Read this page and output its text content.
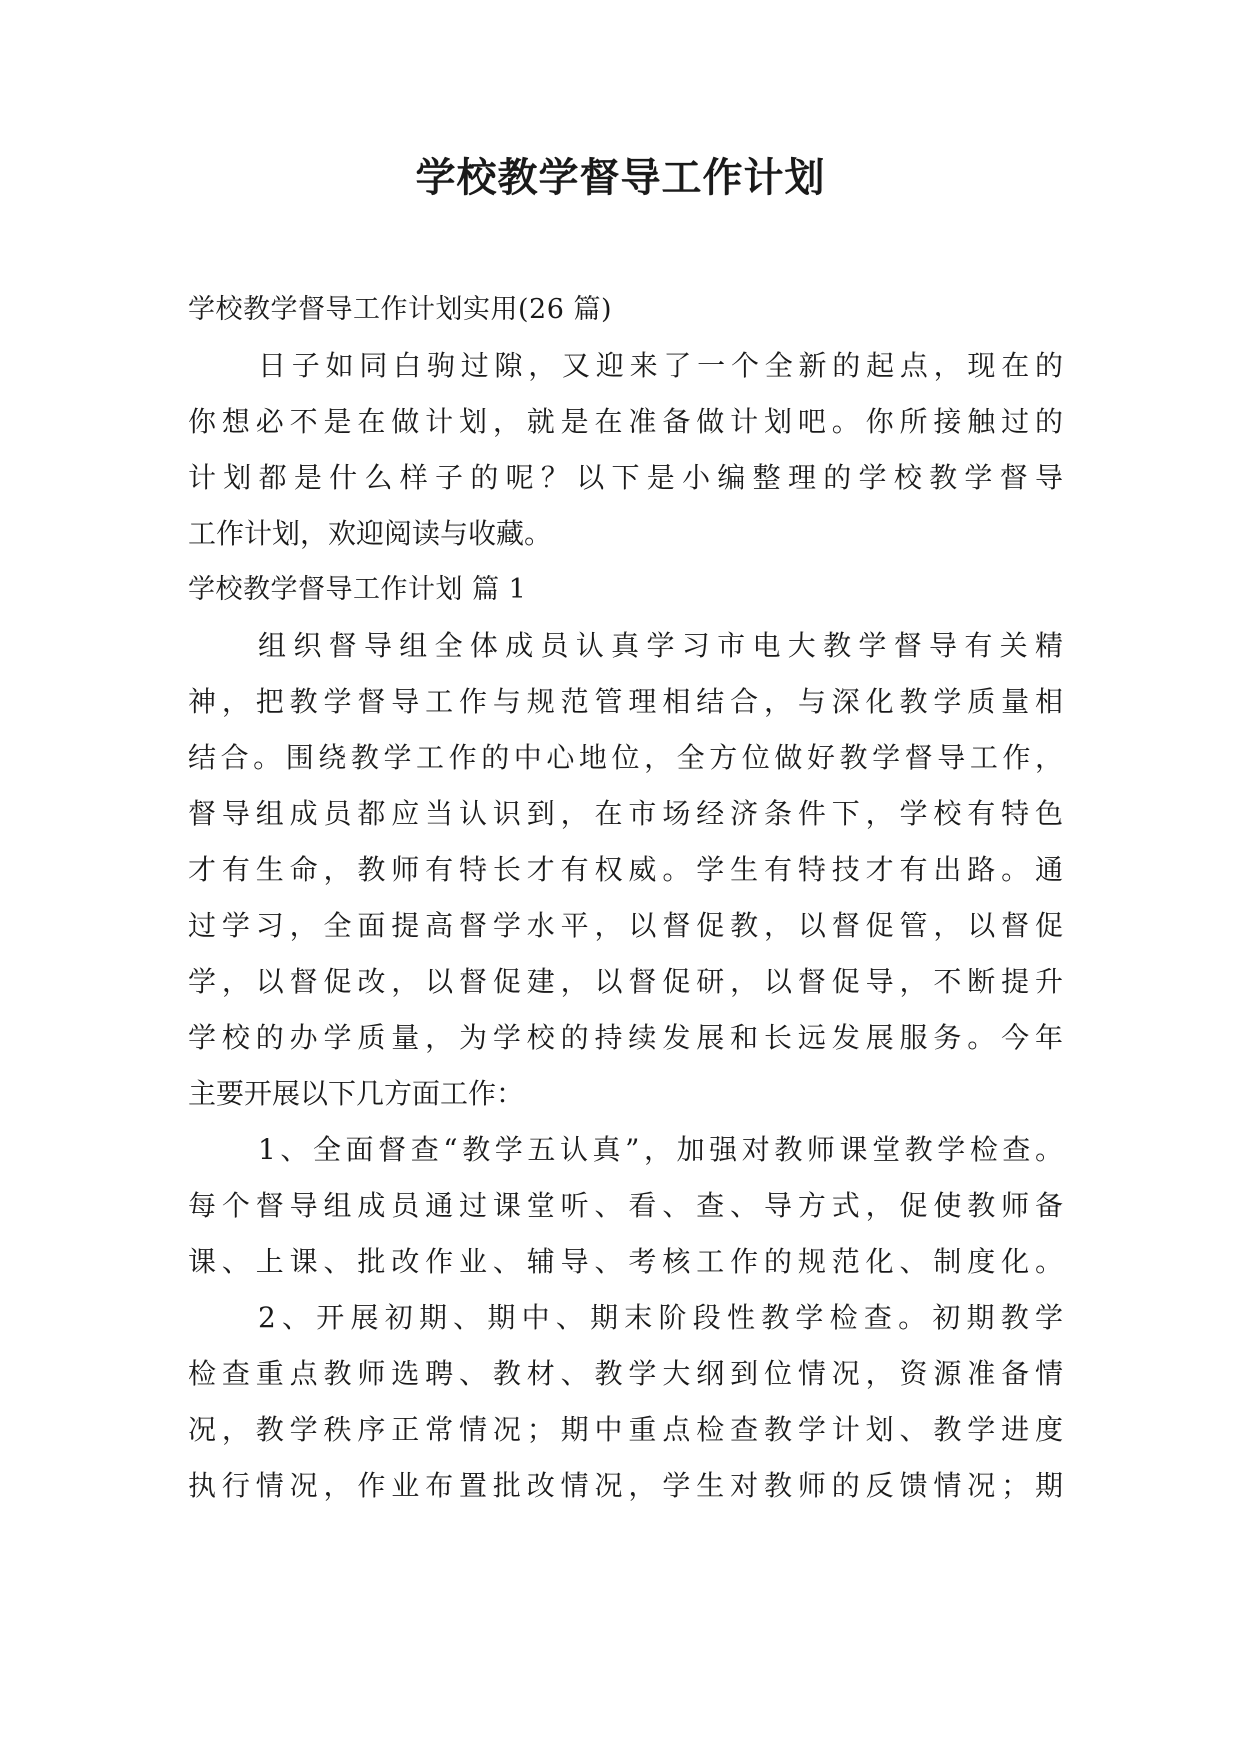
学校教学督导工作计划

学校教学督导工作计划实用(26 篇)

日子如同白驹过隙，又迎来了一个全新的起点，现在的

你想必不是在做计划，就是在准备做计划吧。你所接触过的

计划都是什么样子的呢？以下是小编整理的学校教学督导

工作计划，欢迎阅读与收藏。

学校教学督导工作计划 篇 1

组织督导组全体成员认真学习市电大教学督导有关精

神，把教学督导工作与规范管理相结合，与深化教学质量相

结合。围绕教学工作的中心地位，全方位做好教学督导工作，

督导组成员都应当认识到，在市场经济条件下，学校有特色

才有生命，教师有特长才有权威。学生有特技才有出路。通

过学习，全面提高督学水平，以督促教，以督促管，以督促

学，以督促改，以督促建，以督促研，以督促导，不断提升

学校的办学质量，为学校的持续发展和长远发展服务。今年

主要开展以下几方面工作：

1、全面督查“教学五认真”，加强对教师课堂教学检查。

每个督导组成员通过课堂听、看、查、导方式，促使教师备

课、上课、批改作业、辅导、考核工作的规范化、制度化。

2、开展初期、期中、期末阶段性教学检查。初期教学

检查重点教师选聘、教材、教学大纲到位情况，资源准备情

况，教学秩序正常情况；期中重点检查教学计划、教学进度

执行情况，作业布置批改情况，学生对教师的反馈情况；期
